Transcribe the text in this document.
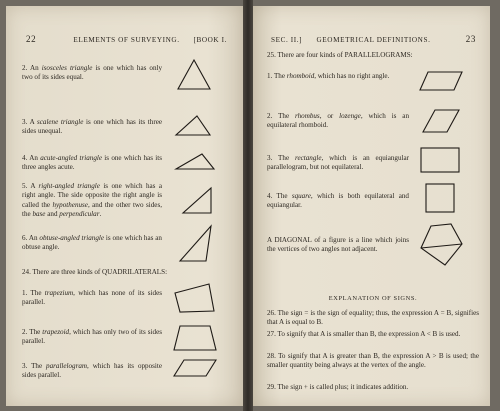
22	ELEMENTS OF SURVEYING.	[BOOK I.
2. An isosceles triangle is one which has only two of its sides equal.
3. A scalene triangle is one which has its three sides unequal.
4. An acute-angled triangle is one which has its three angles acute.
5. A right-angled triangle is one which has a right angle. The side opposite the right angle is called the hypothenuse, and the other two sides, the base and perpendicular.
6. An obtuse-angled triangle is one which has an obtuse angle.
24. There are three kinds of QUADRILATERALS:
1. The trapezium, which has none of its sides parallel.
2. The trapezoid, which has only two of its sides parallel.
3. The parallelogram, which has its opposite sides parallel.
SEC. II.]	GEOMETRICAL DEFINITIONS.	23
25. There are four kinds of PARALLELOGRAMS:
1. The rhomboid, which has no right angle.
2. The rhombus, or lozenge, which is an equilateral rhomboid.
3. The rectangle, which is an equiangular parallelogram, but not equilateral.
4. The square, which is both equilateral and equiangular.
A DIAGONAL of a figure is a line which joins the vertices of two angles not adjacent.
EXPLANATION OF SIGNS.
26. The sign = is the sign of equality; thus, the expression A = B, signifies that A is equal to B.
27. To signify that A is smaller than B, the expression A < B is used.
28. To signify that A is greater than B, the expression A > B is used; the smaller quantity being always at the vertex of the angle.
29. The sign + is called plus; it indicates addition.
